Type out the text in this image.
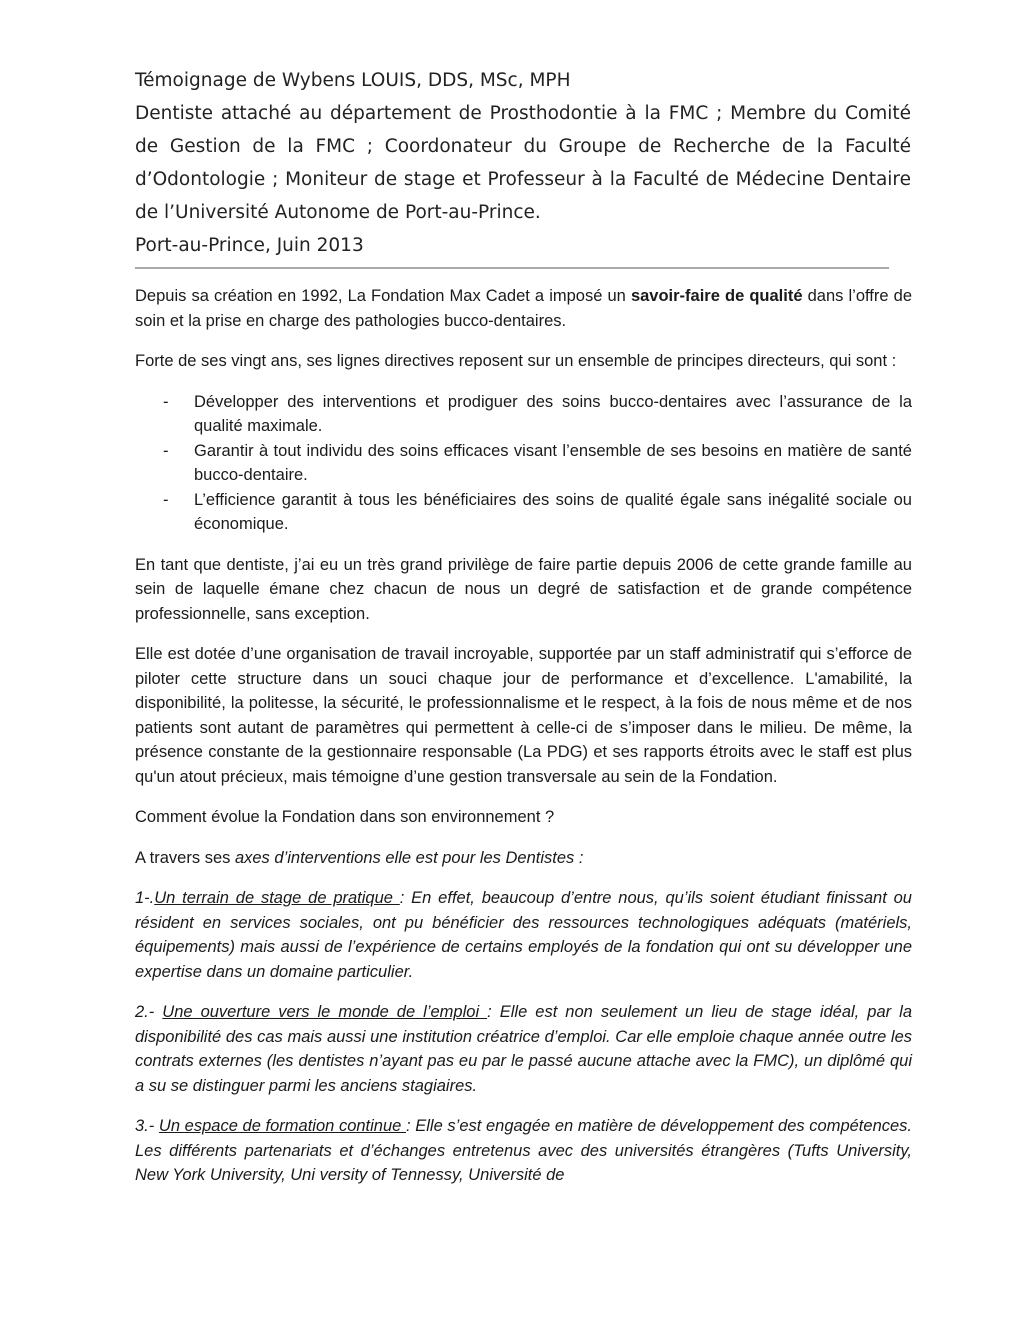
Témoignage de Wybens LOUIS, DDS, MSc, MPH

Dentiste attaché au département de Prosthodontie à la FMC ; Membre du Comité de Gestion de la FMC ; Coordonateur du Groupe de Recherche de la Faculté d’Odontologie ; Moniteur de stage et Professeur à la Faculté de Médecine Dentaire de l’Université Autonome de Port-au-Prince.

Port-au-Prince, Juin 2013

Depuis sa création en 1992, La Fondation Max Cadet a imposé un savoir-faire de qualité dans l’offre de soin et la prise en charge des pathologies bucco-dentaires.

Forte de ses vingt ans, ses lignes directives reposent sur un ensemble de principes directeurs, qui sont :

- Développer des interventions et prodiguer des soins bucco-dentaires avec l’assurance de la qualité maximale.
- Garantir à tout individu des soins efficaces visant l’ensemble de ses besoins en matière de santé bucco-dentaire.
- L’efficience garantit à tous les bénéficiaires des soins de qualité égale sans inégalité sociale ou économique.

En tant que dentiste, j’ai eu un très grand privilège de faire partie depuis 2006 de cette grande famille au sein de laquelle émane chez chacun de nous un degré de satisfaction et de grande compétence professionnelle, sans exception.

Elle est dotée d’une organisation de travail incroyable, supportée par un staff administratif qui s’efforce de piloter cette structure dans un souci chaque jour de performance et d’excellence. L'amabilité, la disponibilité, la politesse, la sécurité, le professionnalisme et le respect, à la fois de nous même et de nos patients sont autant de paramètres qui permettent à celle-ci de s’imposer dans le milieu. De même, la présence constante de la gestionnaire responsable (La PDG) et ses rapports étroits avec le staff est plus qu'un atout précieux, mais témoigne d’une gestion transversale au sein de la Fondation.

Comment évolue la Fondation dans son environnement ?

A travers ses axes d’interventions elle est pour les Dentistes :

1-.Un terrain de stage de pratique : En effet, beaucoup d’entre nous, qu’ils soient étudiant finissant ou résident en services sociales, ont pu bénéficier des ressources technologiques adéquats (matériels, équipements) mais aussi de l’expérience de certains employés de la fondation qui ont su développer une expertise dans un domaine particulier.

2.- Une ouverture vers le monde de l’emploi : Elle est non seulement un lieu de stage idéal, par la disponibilité des cas mais aussi une institution créatrice d’emploi. Car elle emploie chaque année outre les contrats externes (les dentistes n’ayant pas eu par le passé aucune attache avec la FMC), un diplômé qui a su se distinguer parmi les anciens stagiaires.

3.- Un espace de formation continue : Elle s’est engagée en matière de développement des compétences. Les différents partenariats et d’échanges entretenus avec des universités étrangères (Tufts University, New York University, Uni versity of Tennessy, Université de
